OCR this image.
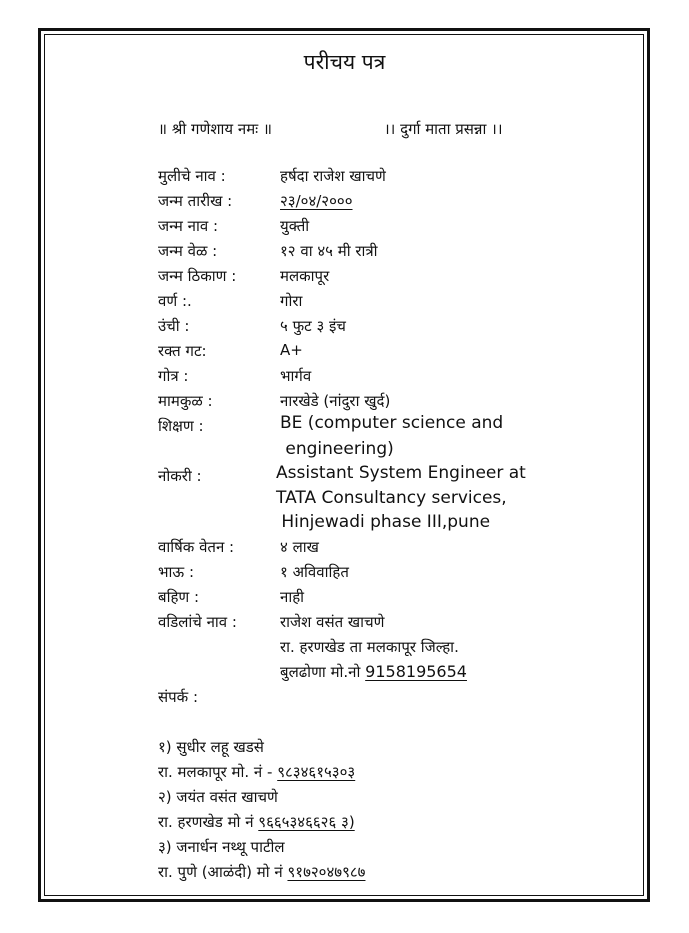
परीचय पत्र
॥ श्री गणेशाय नमः ॥	।। दुर्गा माता प्रसन्ना ।।
मुलीचे नाव :	हर्षदा राजेश खाचणे
जन्म तारीख :	२३/०४/२०००
जन्म नाव :	युक्ती
जन्म वेळ :	१२ वा ४५ मी रात्री
जन्म ठिकाण :	मलकापूर
वर्ण :.	गोरा
उंची :	५ फुट ३ इंच
रक्त गट:	A+
गोत्र :	भार्गव
मामकुळ :	नारखेडे (नांदुरा खुर्द)
शिक्षण :	BE (computer science and
engineering)
नोकरी :	Assistant System Engineer at
TATA Consultancy services,
Hinjewadi phase III,pune
वार्षिक वेतन :	४ लाख
भाऊ :	१ अविवाहित
बहिण :	नाही
वडिलांचे नाव :	राजेश वसंत खाचणे
रा. हरणखेड ता मलकापूर जिल्हा.
बुलढोणा मो.नो 9158195654
संपर्क :
१) सुधीर लहू खडसे
रा. मलकापूर मो. नं - ९८३४६१५३०३
२) जयंत वसंत खाचणे
रा. हरणखेड मो नं ९६६५३४६६२६ ३)
३) जनार्धन नथ्थू पाटील
रा. पुणे (आळंदी) मो नं ९१७२०४७९८७
